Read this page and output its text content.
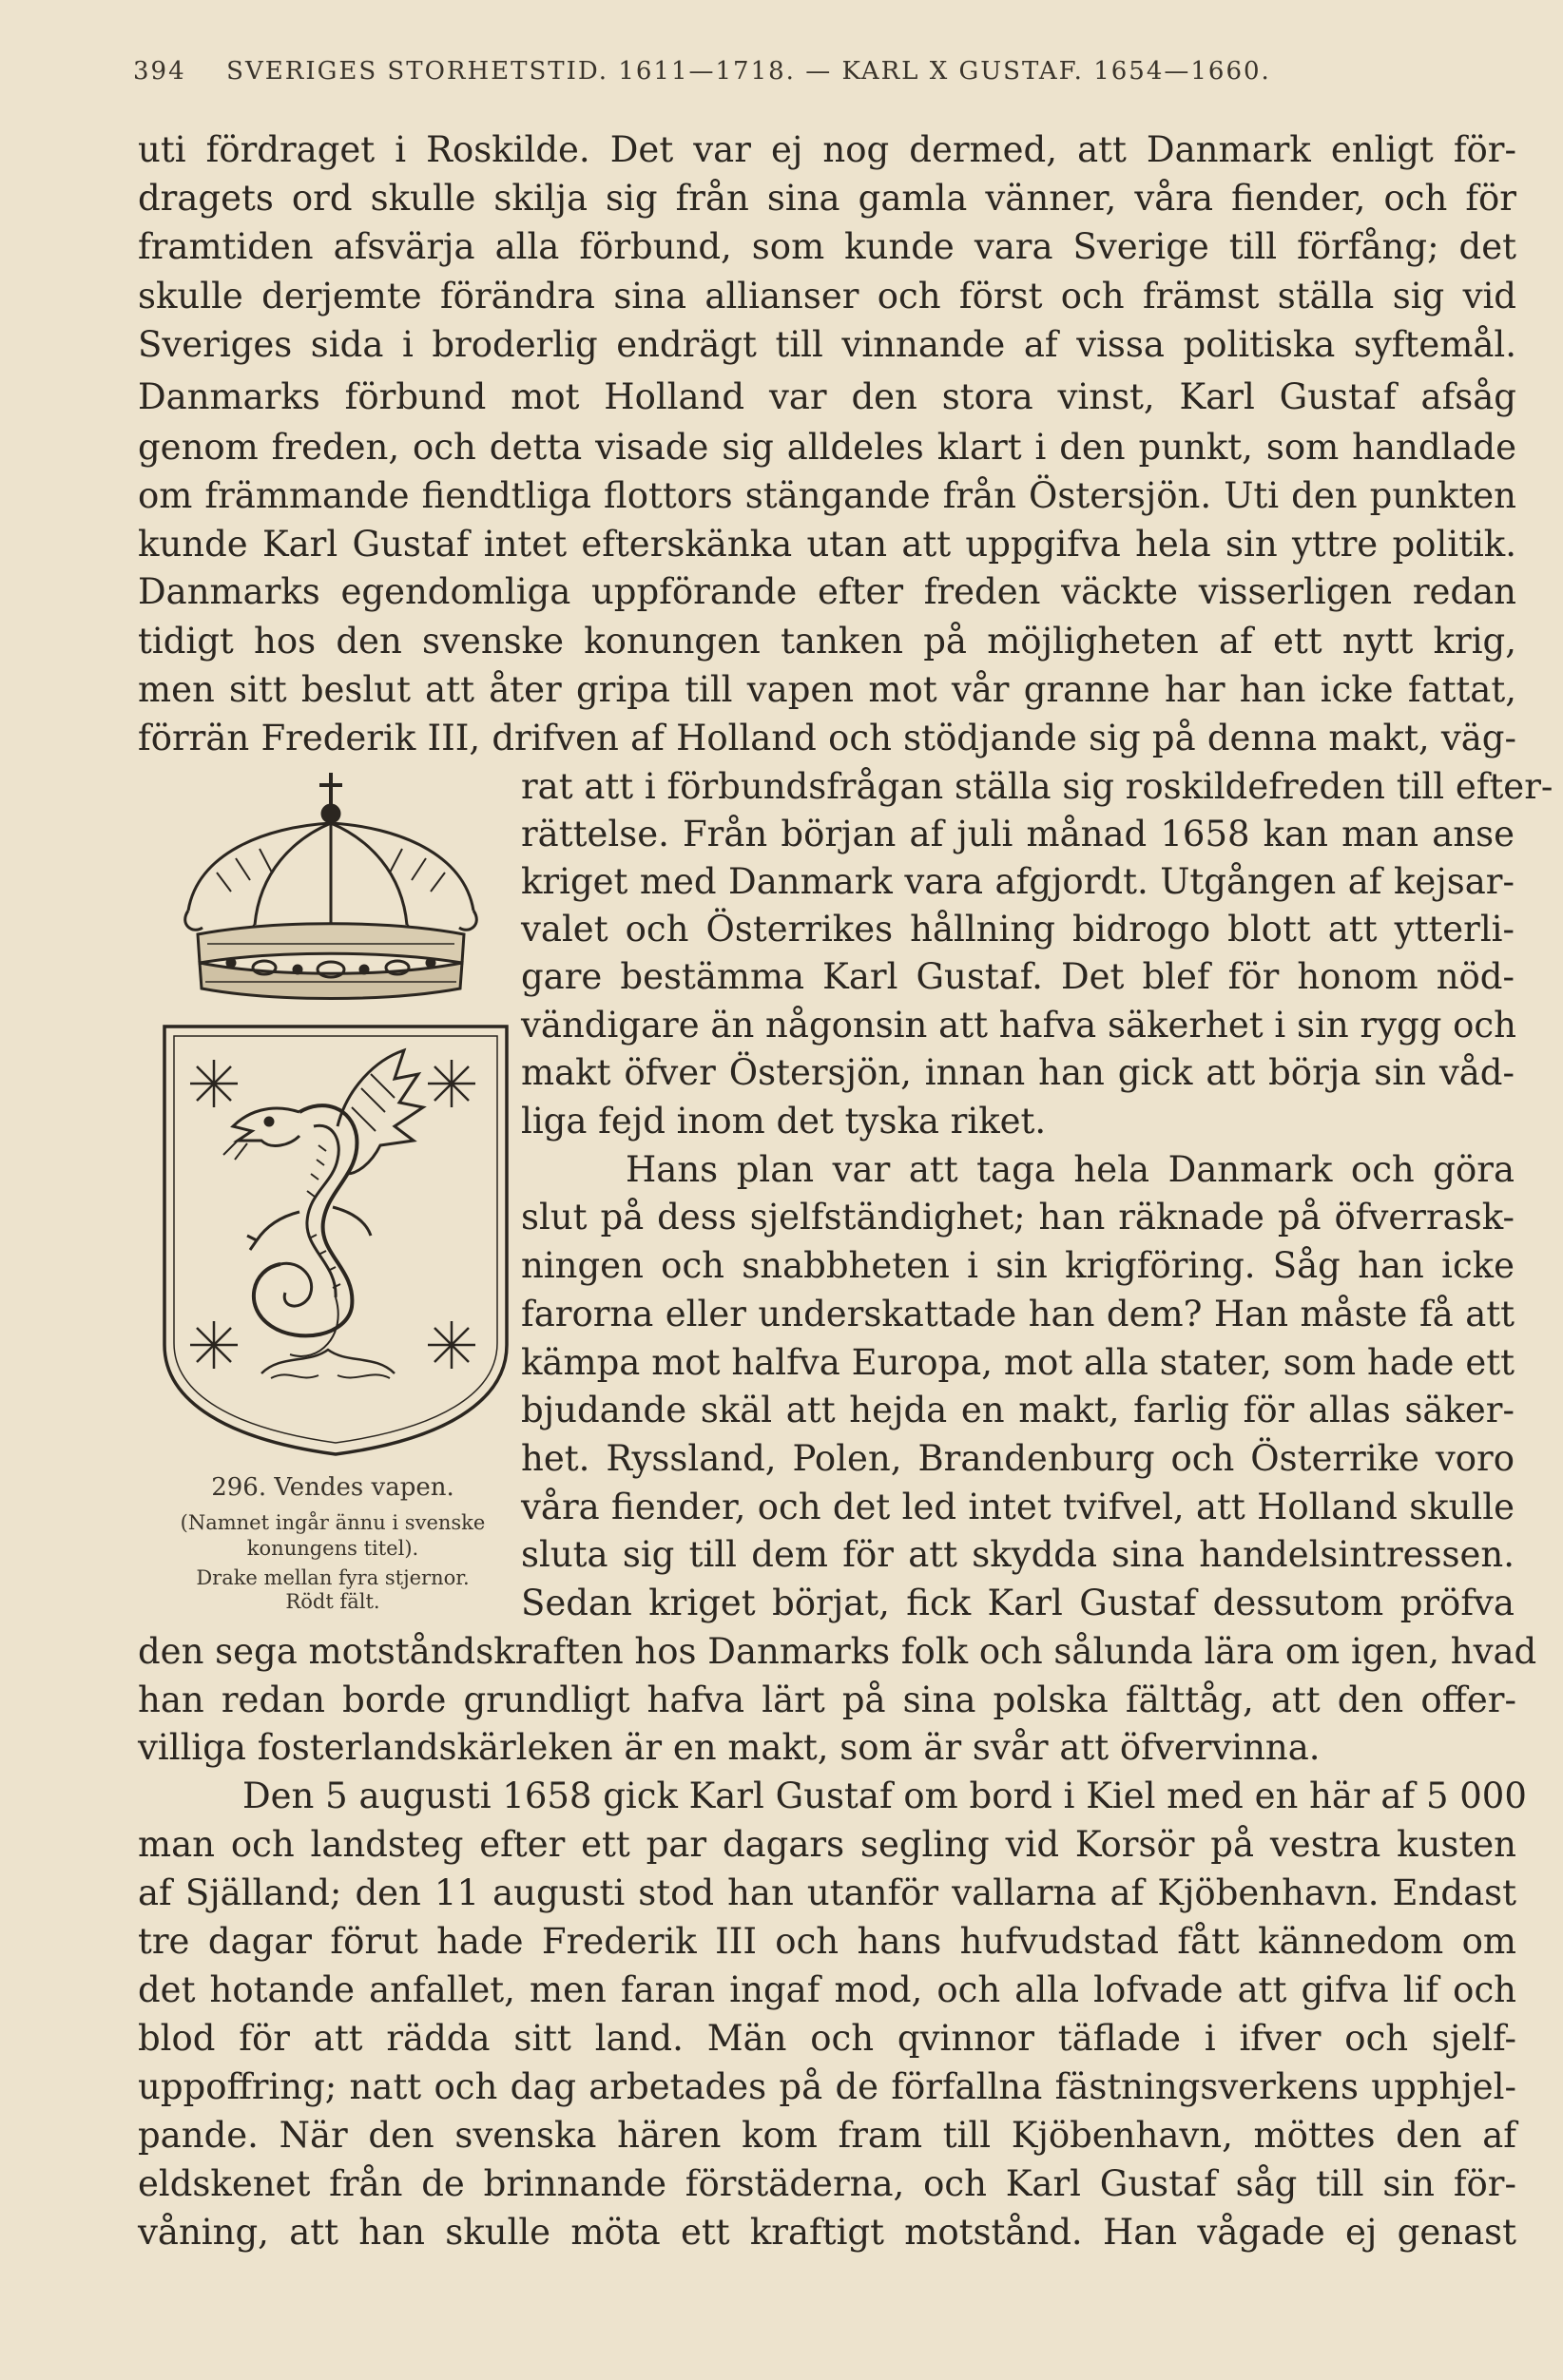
394 SVERIGES STORHETSTID. 1611—1718. — KARL X GUSTAF. 1654—1660.
uti fördraget i Roskilde. Det var ej nog dermed, att Danmark enligt för-
dragets ord skulle skilja sig från sina gamla vänner, våra fiender, och för
framtiden afsvärja alla förbund, som kunde vara Sverige till förfång; det
skulle derjemte förändra sina allianser och först och främst ställa sig vid
Sveriges sida i broderlig endrägt till vinnande af vissa politiska syftemål.
Danmarks förbund mot Holland var den stora vinst, Karl Gustaf afsåg
genom freden, och detta visade sig alldeles klart i den punkt, som handlade
om främmande fiendtliga flottors stängande från Östersjön. Uti den punkten
kunde Karl Gustaf intet efterskänka utan att uppgifva hela sin yttre politik.
Danmarks egendomliga uppförande efter freden väckte visserligen redan
tidigt hos den svenske konungen tanken på möjligheten af ett nytt krig,
men sitt beslut att åter gripa till vapen mot vår granne har han icke fattat,
förrän Frederik III, drifven af Holland och stödjande sig på denna makt, väg-
rat att i förbundsfrågan ställa sig roskildefreden till efter-
rättelse. Från början af juli månad 1658 kan man anse
kriget med Danmark vara afgjordt. Utgången af kejsar-
valet och Österrikes hållning bidrogo blott att ytterli-
gare bestämma Karl Gustaf. Det blef för honom nöd-
vändigare än någonsin att hafva säkerhet i sin rygg och
makt öfver Östersjön, innan han gick att börja sin våd-
liga fejd inom det tyska riket.
Hans plan var att taga hela Danmark och göra
slut på dess sjelfständighet; han räknade på öfverrask-
ningen och snabbheten i sin krigföring. Såg han icke
farorna eller underskattade han dem? Han måste få att
kämpa mot halfva Europa, mot alla stater, som hade ett
bjudande skäl att hejda en makt, farlig för allas säker-
het. Ryssland, Polen, Brandenburg och Österrike voro
våra fiender, och det led intet tvifvel, att Holland skulle
sluta sig till dem för att skydda sina handelsintressen.
Sedan kriget börjat, fick Karl Gustaf dessutom pröfva
den sega motståndskraften hos Danmarks folk och sålunda lära om igen, hvad
han redan borde grundligt hafva lärt på sina polska fälttåg, att den offer-
villiga fosterlandskärleken är en makt, som är svår att öfvervinna.
Den 5 augusti 1658 gick Karl Gustaf om bord i Kiel med en här af 5 000
man och landsteg efter ett par dagars segling vid Korsör på vestra kusten
af Själland; den 11 augusti stod han utanför vallarna af Kjöbenhavn. Endast
tre dagar förut hade Frederik III och hans hufvudstad fått kännedom om
det hotande anfallet, men faran ingaf mod, och alla lofvade att gifva lif och
blod för att rädda sitt land. Män och qvinnor täflade i ifver och sjelf-
uppoffring; natt och dag arbetades på de förfallna fästningsverkens upphjel-
pande. När den svenska hären kom fram till Kjöbenhavn, möttes den af
eldskenet från de brinnande förstäderna, och Karl Gustaf såg till sin för-
våning, att han skulle möta ett kraftigt motstånd. Han vågade ej genast
296. Vendes vapen.
(Namnet ingår ännu i svenske
konungens titel).
Drake mellan fyra stjernor.
Rödt fält.
